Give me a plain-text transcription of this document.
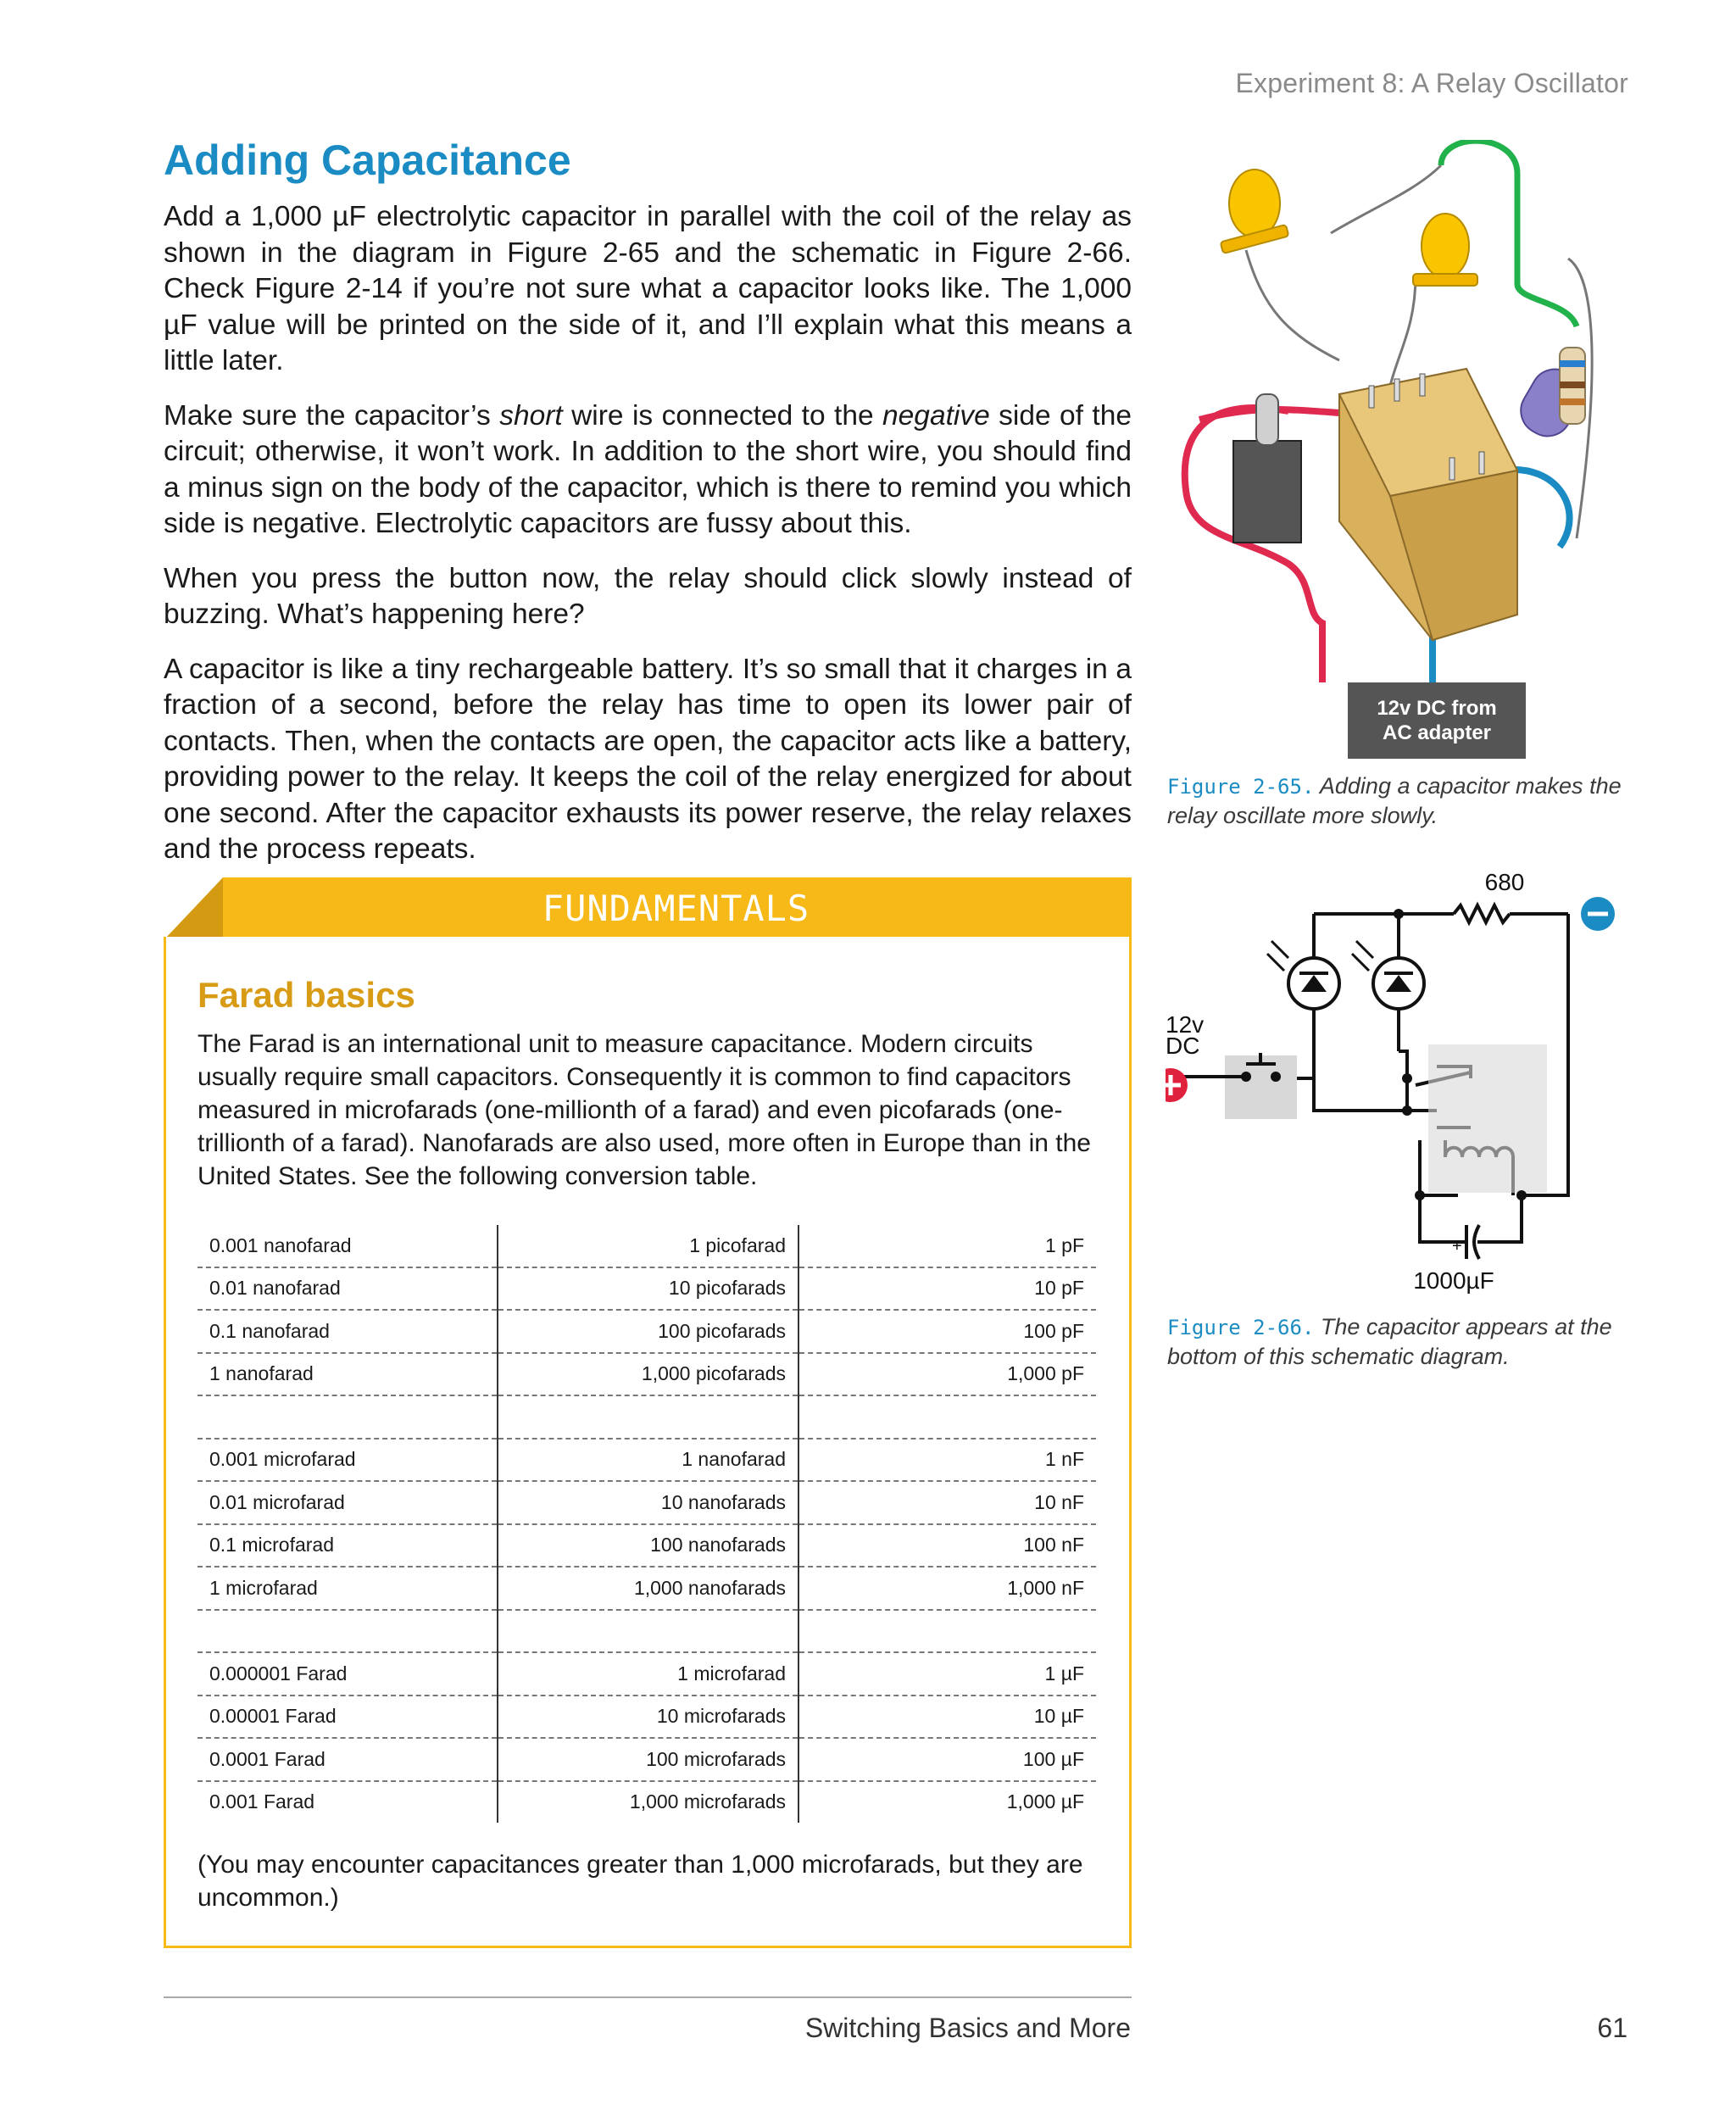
Experiment 8: A Relay Oscillator
Adding Capacitance

Add a 1,000 µF electrolytic capacitor in parallel with the coil of the relay as shown in the diagram in Figure 2-65 and the schematic in Figure 2-66. Check Figure 2-14 if you’re not sure what a capacitor looks like. The 1,000 µF value will be printed on the side of it, and I’ll explain what this means a little later.

Make sure the capacitor’s short wire is connected to the negative side of the circuit; otherwise, it won’t work. In addition to the short wire, you should find a minus sign on the body of the capacitor, which is there to remind you which side is negative. Electrolytic capacitors are fussy about this.

When you press the button now, the relay should click slowly instead of buzzing. What’s happening here?

A capacitor is like a tiny rechargeable battery. It’s so small that it charges in a fraction of a second, before the relay has time to open its lower pair of contacts. Then, when the contacts are open, the capacitor acts like a battery, providing power to the relay. It keeps the coil of the relay energized for about one second. After the capacitor exhausts its power reserve, the relay relaxes and the process repeats.

12v DC from
AC adapter
Figure 2-65. Adding a capacitor makes the relay oscillate more slowly.
680
12v
DC
+
1000µF
Figure 2-66. The capacitor appears at the bottom of this schematic diagram.
FUNDAMENTALS
Farad basics
The Farad is an international unit to measure capacitance. Modern circuits usually require small capacitors. Consequently it is common to find capacitors measured in microfarads (one-millionth of a farad) and even picofarads (one-trillionth of a farad). Nanofarads are also used, more often in Europe than in the United States. See the following conversion table.
0.001 nanofarad	1 picofarad	1 pF
0.01 nanofarad	10 picofarads	10 pF
0.1 nanofarad	100 picofarads	100 pF
1 nanofarad	1,000 picofarads	1,000 pF

0.001 microfarad	1 nanofarad	1 nF
0.01 microfarad	10 nanofarads	10 nF
0.1 microfarad	100 nanofarads	100 nF
1 microfarad	1,000 nanofarads	1,000 nF

0.000001 Farad	1 microfarad	1 µF
0.00001 Farad	10 microfarads	10 µF
0.0001 Farad	100 microfarads	100 µF
0.001 Farad	1,000 microfarads	1,000 µF
(You may encounter capacitances greater than 1,000 microfarads, but they are uncommon.)
Switching Basics and More	61
